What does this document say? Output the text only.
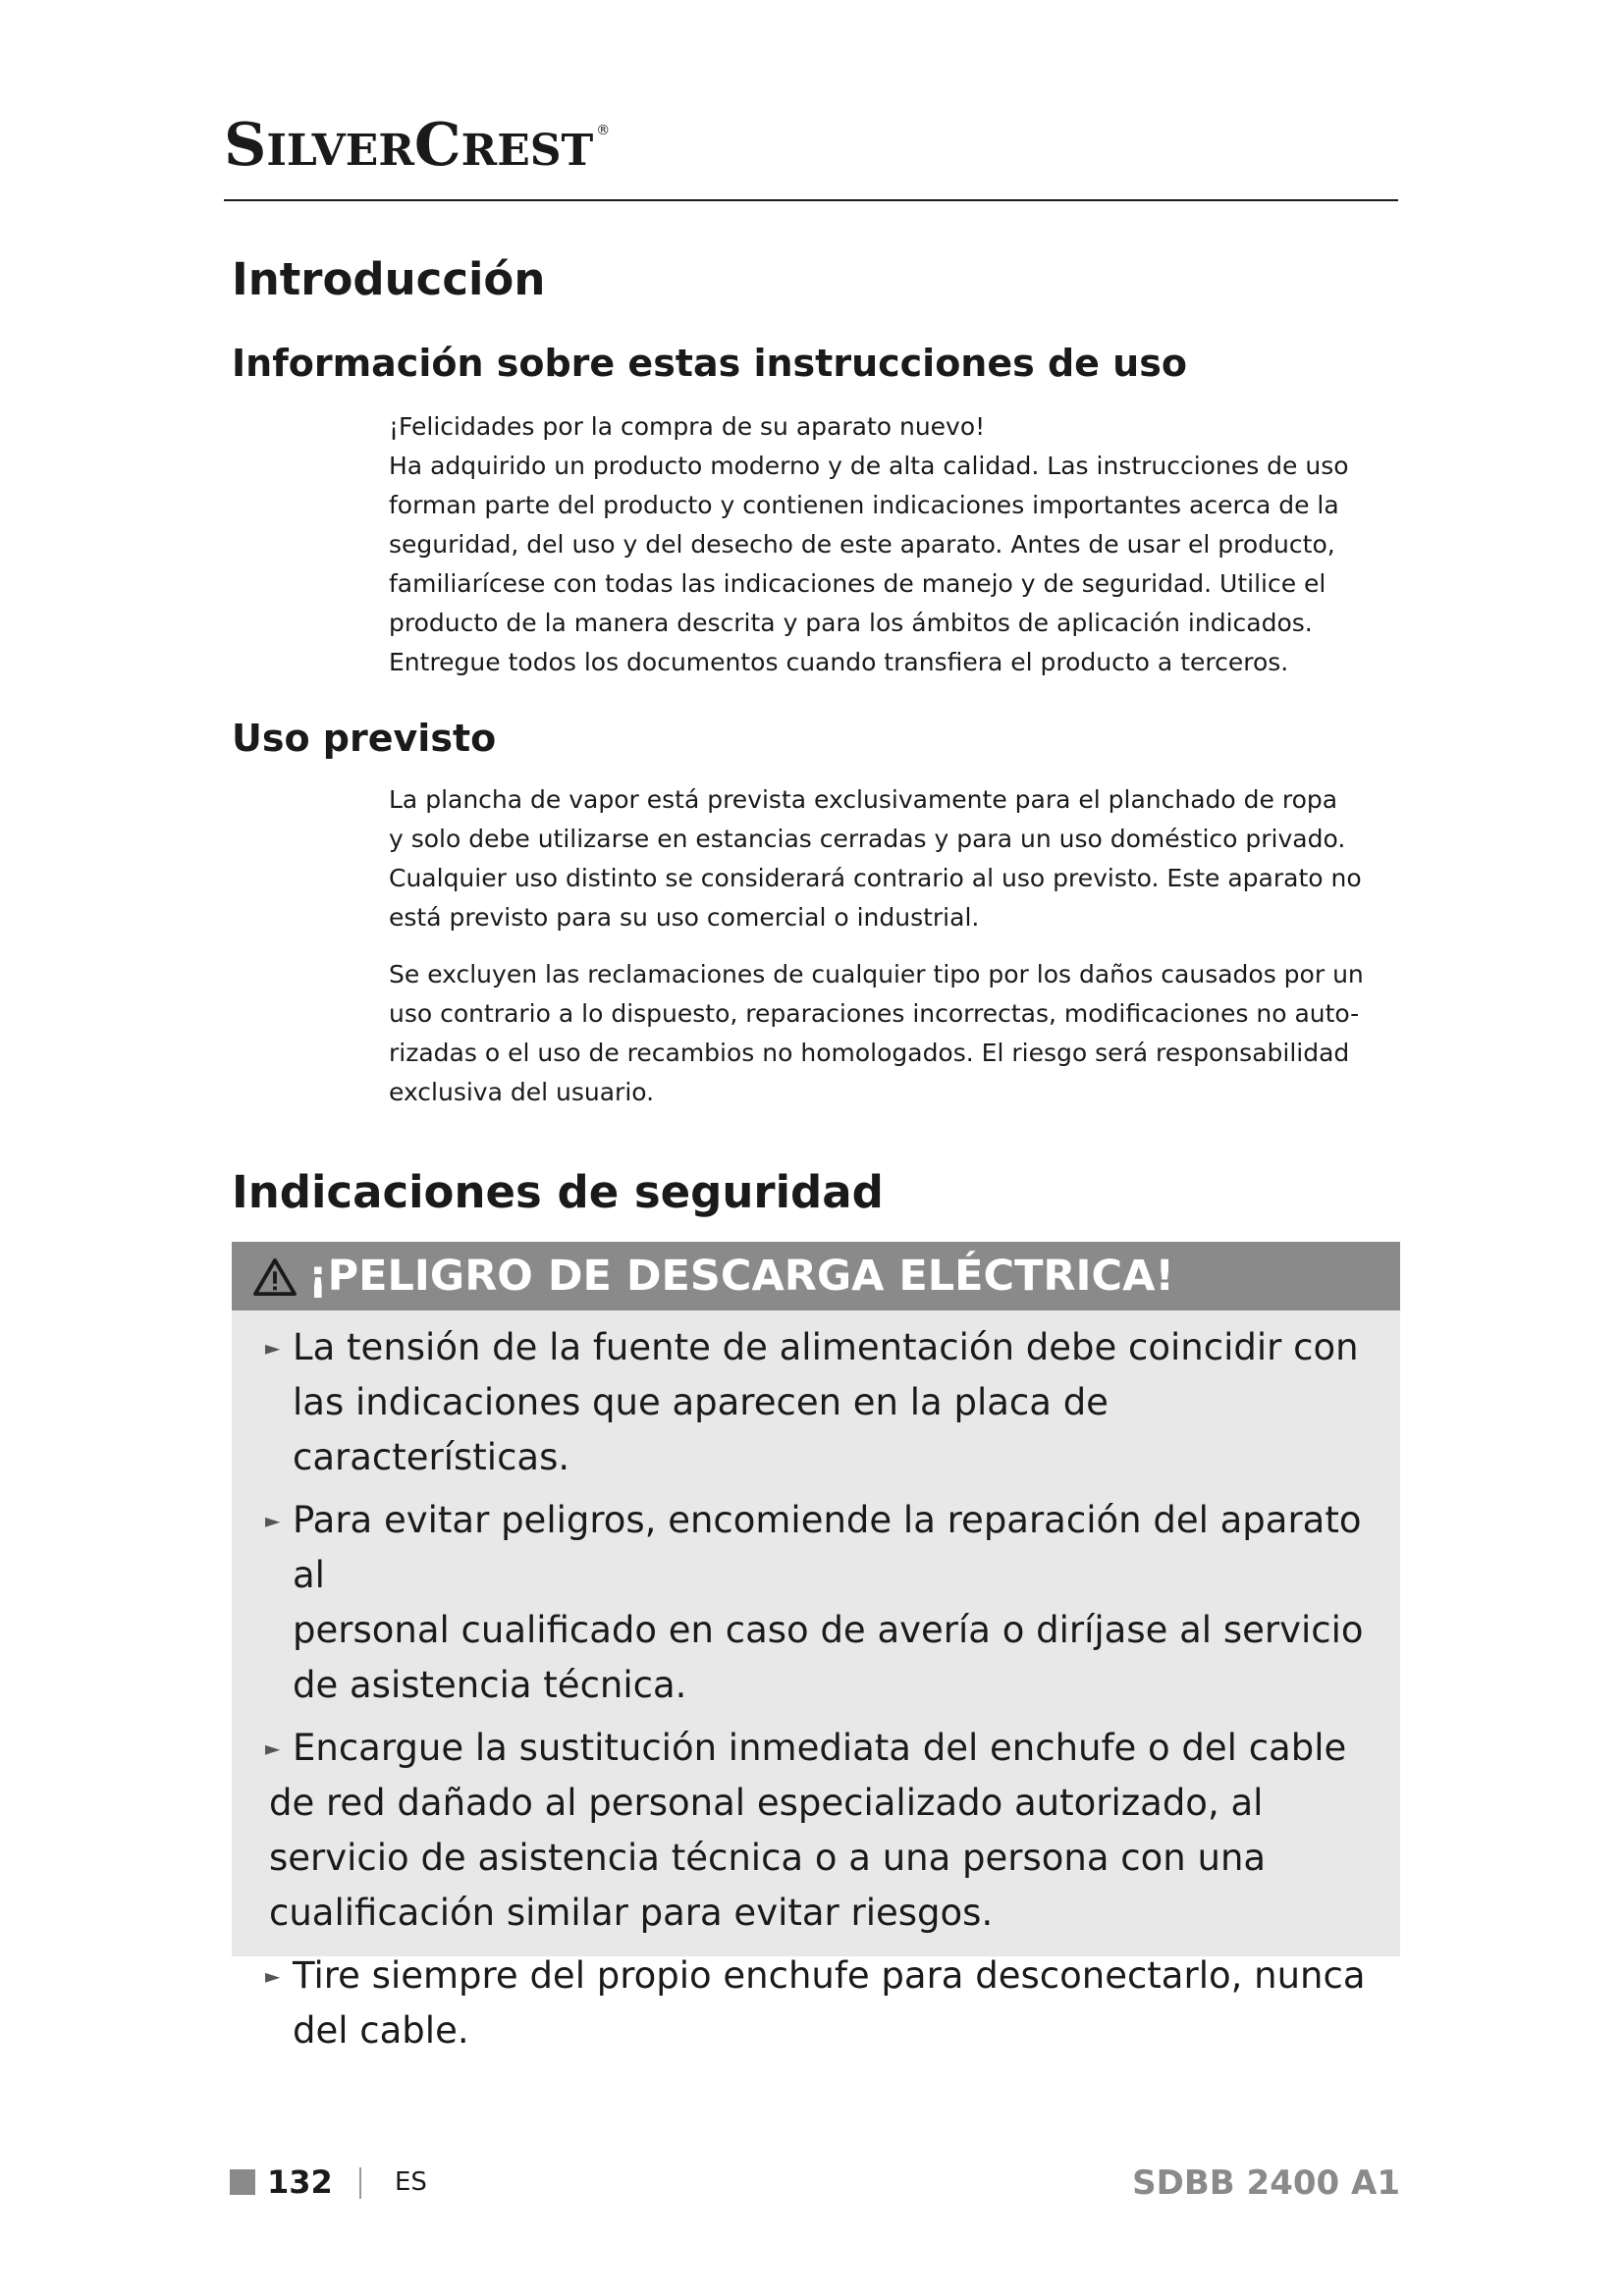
SILVERCREST ®
Introducción
Información sobre estas instrucciones de uso

¡Felicidades por la compra de su aparato nuevo!

Ha adquirido un producto moderno y de alta calidad. Las instrucciones de uso

forman parte del producto y contienen indicaciones importantes acerca de la

seguridad, del uso y del desecho de este aparato. Antes de usar el producto,

familiarícese con todas las indicaciones de manejo y de seguridad. Utilice el

producto de la manera descrita y para los ámbitos de aplicación indicados.

Entregue todos los documentos cuando transfiera el producto a terceros.

Uso previsto

La plancha de vapor está prevista exclusivamente para el planchado de ropa

y solo debe utilizarse en estancias cerradas y para un uso doméstico privado.

Cualquier uso distinto se considerará contrario al uso previsto. Este aparato no

está previsto para su uso comercial o industrial.

Se excluyen las reclamaciones de cualquier tipo por los daños causados por un

uso contrario a lo dispuesto, reparaciones incorrectas, modificaciones no auto-

rizadas o el uso de recambios no homologados. El riesgo será responsabilidad

exclusiva del usuario.

Indicaciones de seguridad
¡PELIGRO DE DESCARGA ELÉCTRICA!
► La tensión de la fuente de alimentación debe coincidir con
las indicaciones que aparecen en la placa de características.
► Para evitar peligros, encomiende la reparación del aparato al
personal cualificado en caso de avería o diríjase al servicio
de asistencia técnica.
► Encargue la sustitución inmediata del enchufe o del cable
de red dañado al personal especializado autorizado, al
servicio de asistencia técnica o a una persona con una
cualificación similar para evitar riesgos.
► Tire siempre del propio enchufe para desconectarlo, nunca
del cable.
132 ES	SDBB 2400 A1
